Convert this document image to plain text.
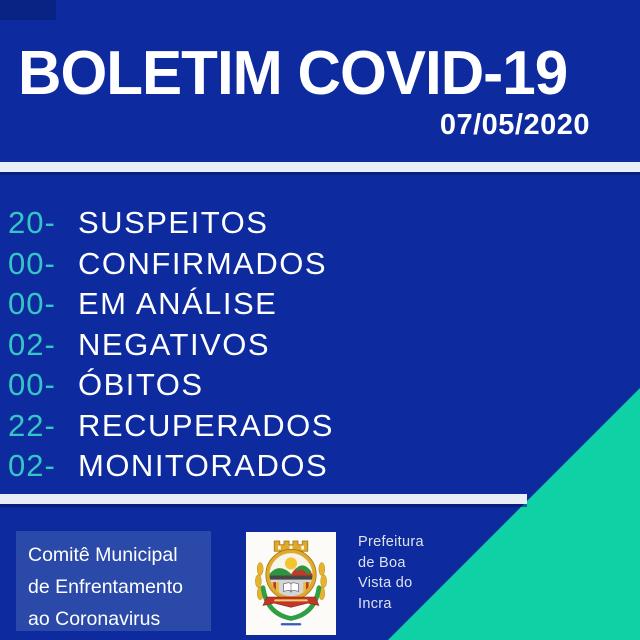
BOLETIM COVID-19
07/05/2020
20- SUSPEITOS
00- CONFIRMADOS
00- EM ANÁLISE
02- NEGATIVOS
00- ÓBITOS
22- RECUPERADOS
02- MONITORADOS
Comitê Municipal
de Enfrentamento
ao Coronavirus
Prefeitura
de Boa
Vista do
Incra
